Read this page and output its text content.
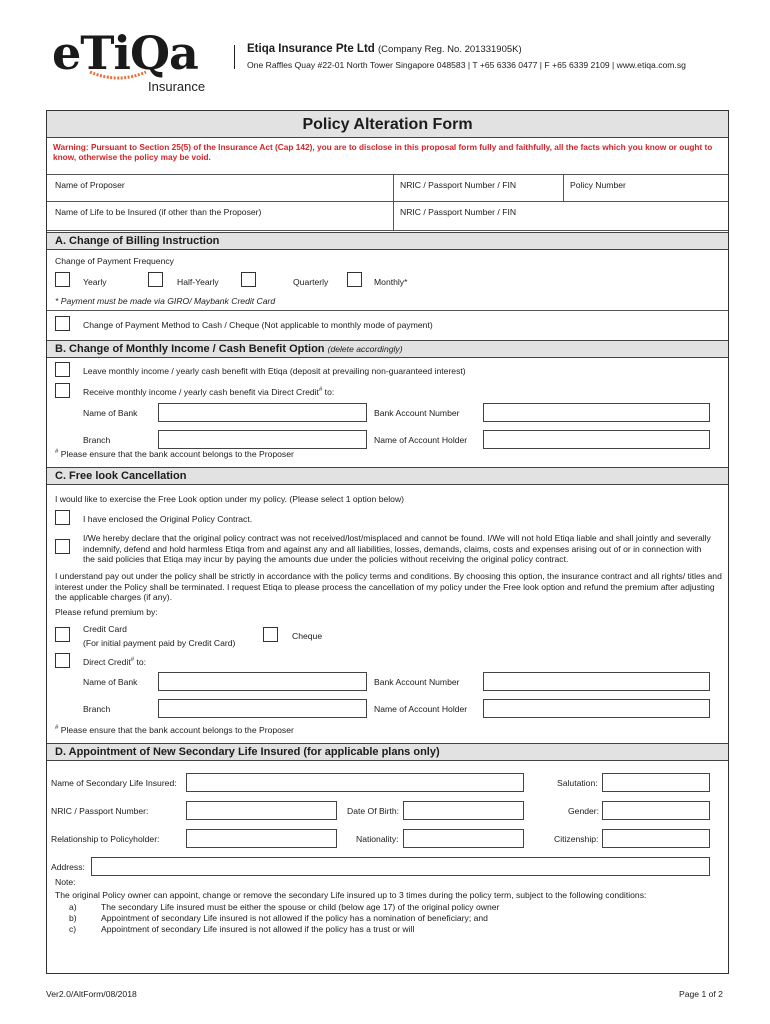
eTiQa
Insurance
Etiqa Insurance Pte Ltd (Company Reg. No. 201331905K)
One Raffles Quay #22-01 North Tower Singapore 048583 | T +65 6336 0477 | F +65 6339 2109 | www.etiqa.com.sg
Policy Alteration Form
Warning: Pursuant to Section 25(5) of the Insurance Act (Cap 142), you are to disclose in this proposal form fully and faithfully, all the facts which you know or ought to know, otherwise the policy may be void.
Name of Proposer	NRIC / Passport Number / FIN	Policy Number
Name of Life to be Insured (if other than the Proposer)	NRIC / Passport Number / FIN
A. Change of Billing Instruction
Change of Payment Frequency
Yearly	Half-Yearly	Quarterly	Monthly*
* Payment must be made via GIRO/ Maybank Credit Card
Change of Payment Method to Cash / Cheque (Not applicable to monthly mode of payment)
B. Change of Monthly Income / Cash Benefit Option (delete accordingly)
Leave monthly income / yearly cash benefit with Etiqa (deposit at prevailing non-guaranteed interest)
Receive monthly income / yearly cash benefit via Direct Credit# to:
Name of Bank	Bank Account Number
Branch	Name of Account Holder
# Please ensure that the bank account belongs to the Proposer
C. Free look Cancellation
I would like to exercise the Free Look option under my policy. (Please select 1 option below)
I have enclosed the Original Policy Contract.
I/We hereby declare that the original policy contract was not received/lost/misplaced and cannot be found. I/We will not hold Etiqa liable and shall jointly and severally indemnify, defend and hold harmless Etiqa from and against any and all liabilities, losses, demands, claims, costs and expenses arising out of or in connection with the said policies that Etiqa may incur by paying the amounts due under the policies without receiving the original policy contract.
I understand pay out under the policy shall be strictly in accordance with the policy terms and conditions. By choosing this option, the insurance contract and all rights/ titles and interest under the Policy shall be terminated. I request Etiqa to please process the cancellation of my policy under the Free look option and refund the premium after adjusting the applicable charges (if any).
Please refund premium by:
Credit Card
(For initial payment paid by Credit Card)
Cheque
Direct Credit# to:
Name of Bank	Bank Account Number
Branch	Name of Account Holder
# Please ensure that the bank account belongs to the Proposer
D. Appointment of New Secondary Life Insured (for applicable plans only)
Name of Secondary Life Insured:	Salutation:
NRIC / Passport Number:	Date Of Birth:	Gender:
Relationship to Policyholder:	Nationality:	Citizenship:
Address:
Note:
The original Policy owner can appoint, change or remove the secondary Life insured up to 3 times during the policy term, subject to the following conditions:
a)	The secondary Life insured must be either the spouse or child (below age 17) of the original policy owner
b)	Appointment of secondary Life insured is not allowed if the policy has a nomination of beneficiary; and
c)	Appointment of secondary Life insured is not allowed if the policy has a trust or will
Ver2.0/AltForm/08/2018	Page 1 of 2
